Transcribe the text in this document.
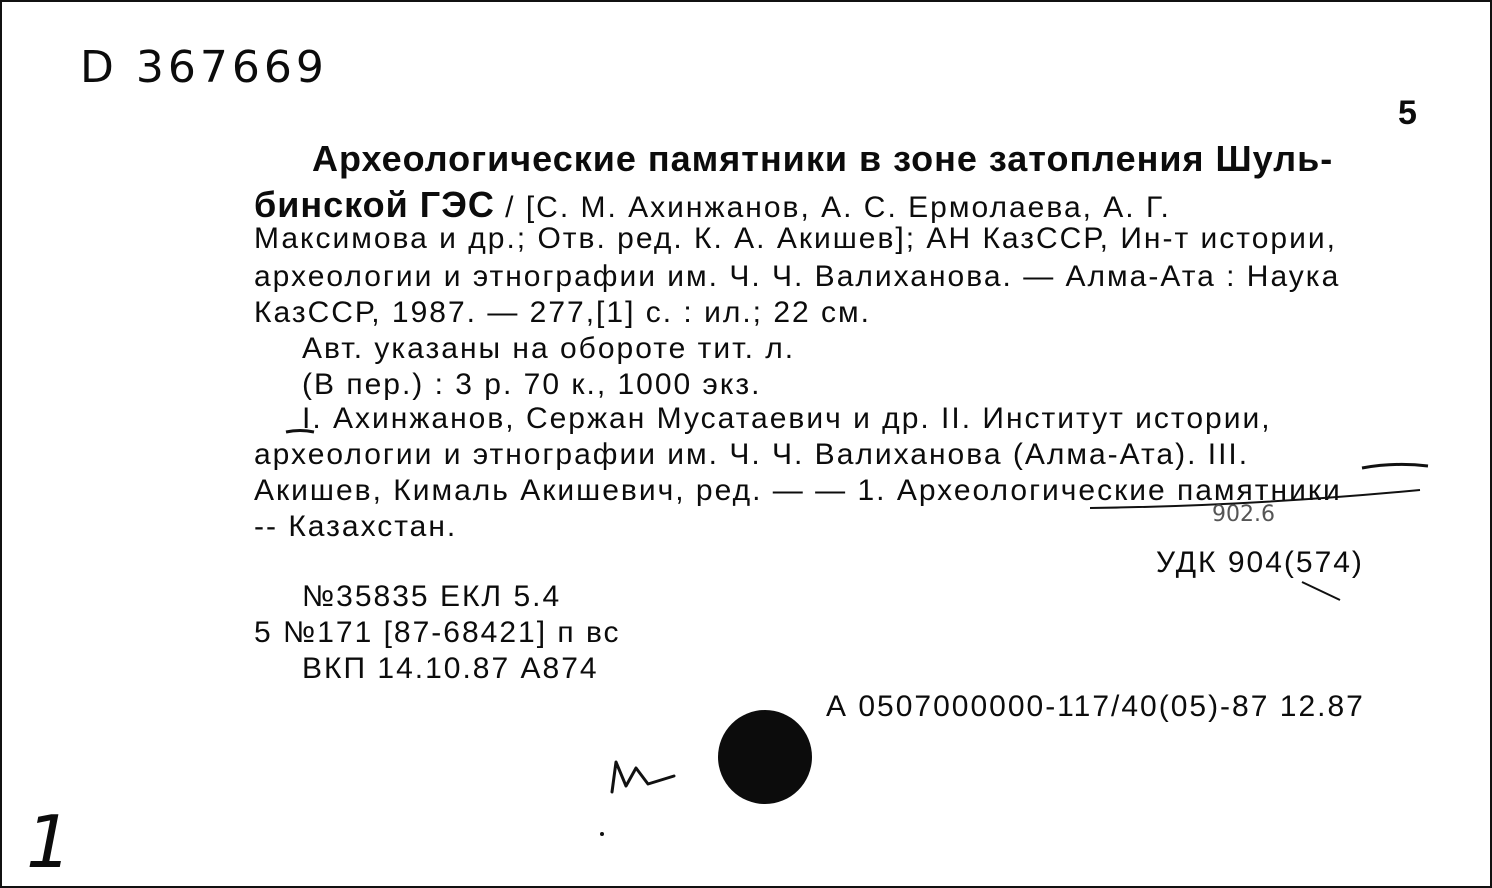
D 367669
5
Археологические памятники в зоне затопления Шуль-
бинской ГЭС / [С. М. Ахинжанов, А. С. Ермолаева, А. Г.
Максимова и др.; Отв. ред. К. А. Акишев]; АН КазССР, Ин-т истории,
археологии и этнографии им. Ч. Ч. Валиханова. — Алма-Ата : Наука
КазССР, 1987. — 277,[1] с. : ил.; 22 см.
Авт. указаны на обороте тит. л.
(В пер.) : 3 р. 70 к., 1000 экз.
I. Ахинжанов, Сержан Мусатаевич и др. II. Институт истории,
археологии и этнографии им. Ч. Ч. Валиханова (Алма-Ата). III.
Акишев, Кималь Акишевич, ред. — — 1. Археологические памятники
-- Казахстан.	902.6
УДК 904(574)
№35835 ЕКЛ 5.4
5 №171 [87-68421] п вс
ВКП 14.10.87 А874
А 0507000000-117/40(05)-87 12.87
1
